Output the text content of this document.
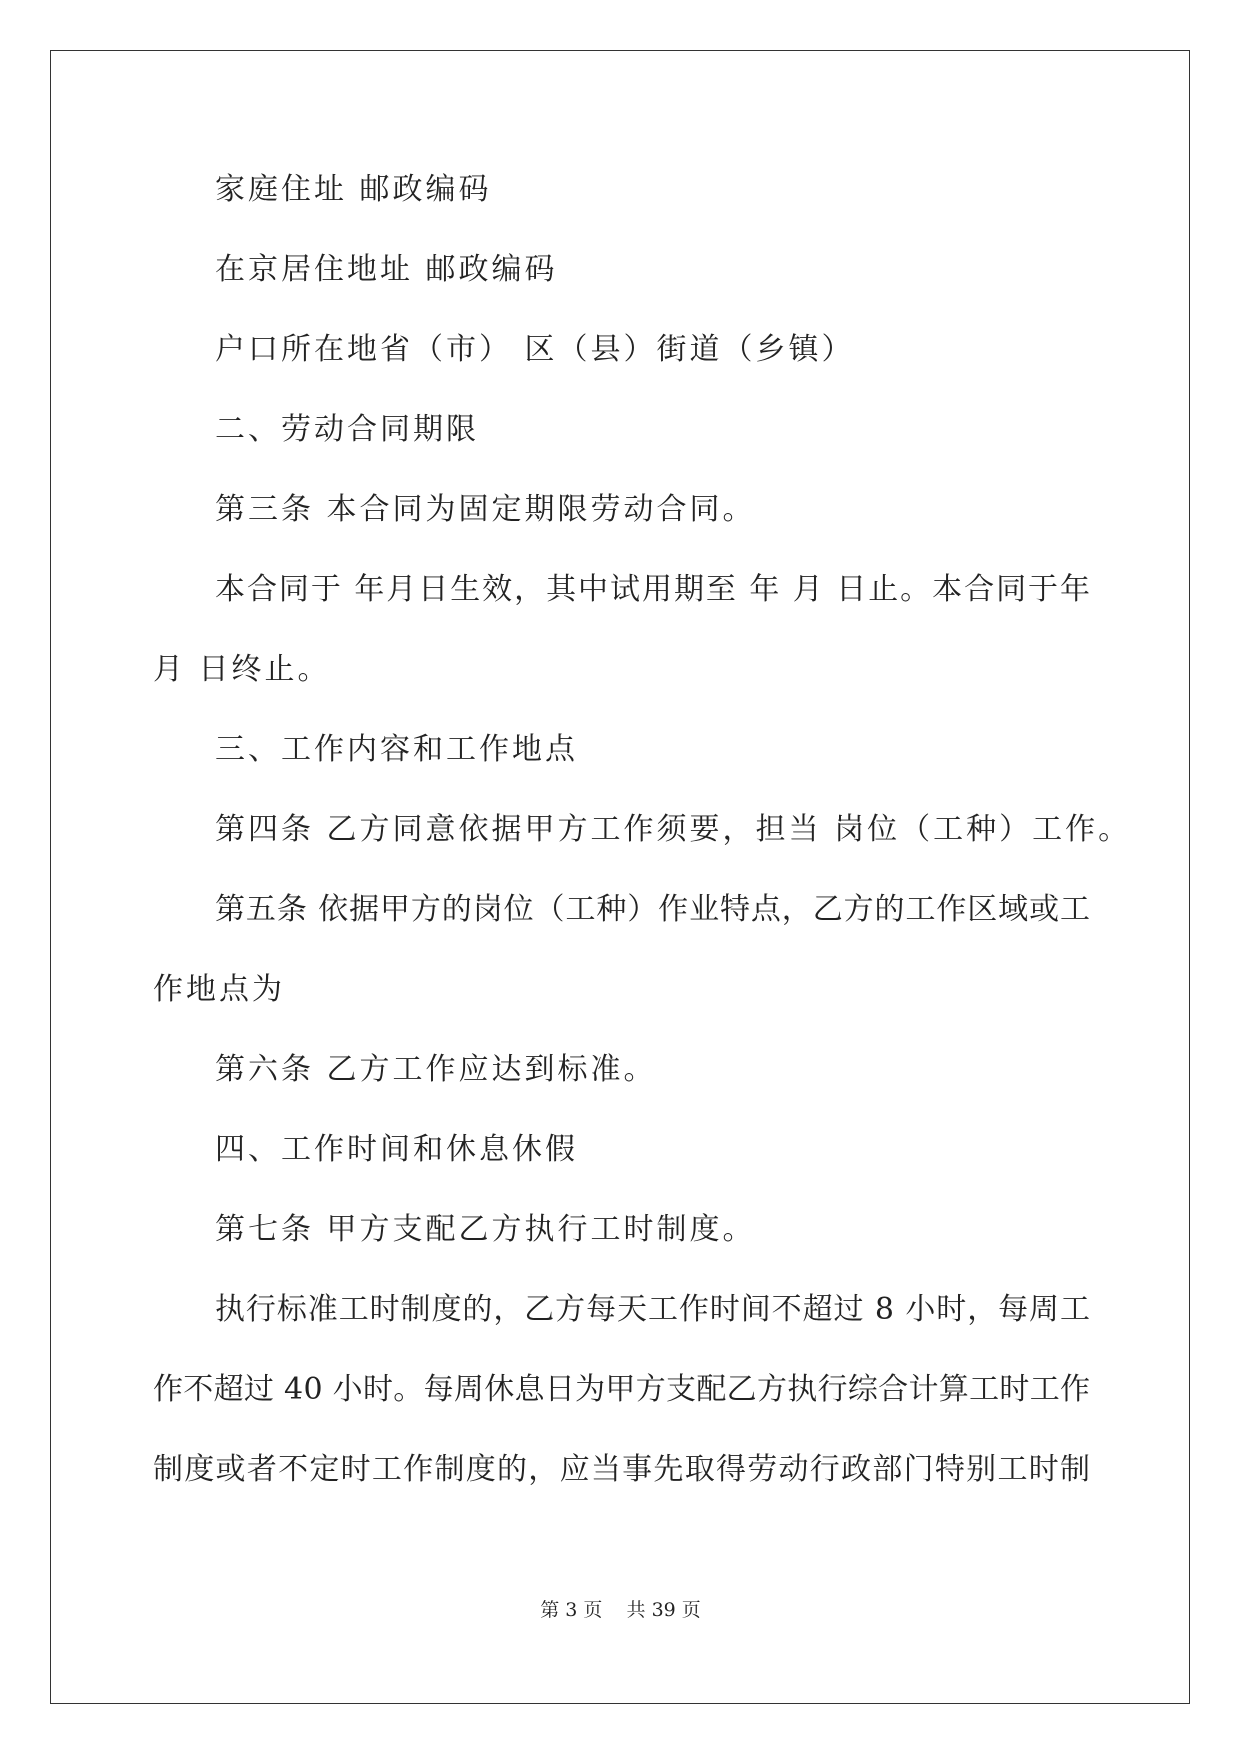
家庭住址 邮政编码
在京居住地址 邮政编码
户口所在地省（市） 区（县）街道（乡镇）
二、劳动合同期限
第三条 本合同为固定期限劳动合同。
本合同于 年月日生效，其中试用期至 年 月 日止。本合同于年
月 日终止。
三、工作内容和工作地点
第四条 乙方同意依据甲方工作须要，担当 岗位（工种）工作。
第五条 依据甲方的岗位（工种）作业特点，乙方的工作区域或工
作地点为
第六条 乙方工作应达到标准。
四、工作时间和休息休假
第七条 甲方支配乙方执行工时制度。
执行标准工时制度的，乙方每天工作时间不超过 8 小时，每周工
作不超过 40 小时。每周休息日为甲方支配乙方执行综合计算工时工作
制度或者不定时工作制度的，应当事先取得劳动行政部门特别工时制
第 3 页 共 39 页
